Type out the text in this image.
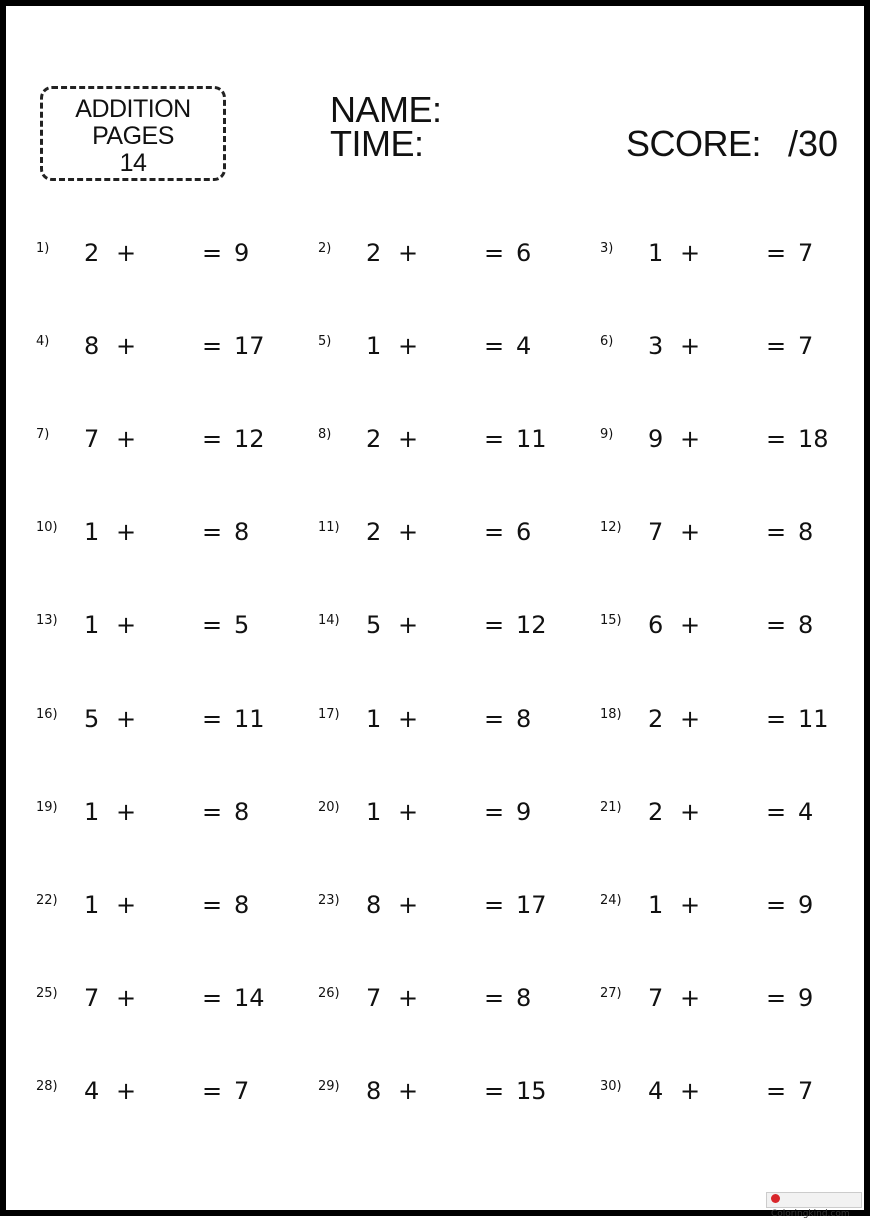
ADDITION
PAGES
14
NAME:
TIME:	SCORE: /30
1) 2 +	= 9	2) 2 +	= 6	3) 1 +	= 7
4) 8 +	= 17	5) 1 +	= 4	6) 3 +	= 7
7) 7 +	= 12	8) 2 +	= 11	9) 9 +	= 18
10) 1 +	= 8	11) 2 +	= 6	12) 7 +	= 8
13) 1 +	= 5	14) 5 +	= 12	15) 6 +	= 8
16) 5 +	= 11	17) 1 +	= 8	18) 2 +	= 11
19) 1 +	= 8	20) 1 +	= 9	21) 2 +	= 4
22) 1 +	= 8	23) 8 +	= 17	24) 1 +	= 9
25) 7 +	= 14	26) 7 +	= 8	27) 7 +	= 9
28) 4 +	= 7	29) 8 +	= 15	30) 4 +	= 7
Coloringkind.com
